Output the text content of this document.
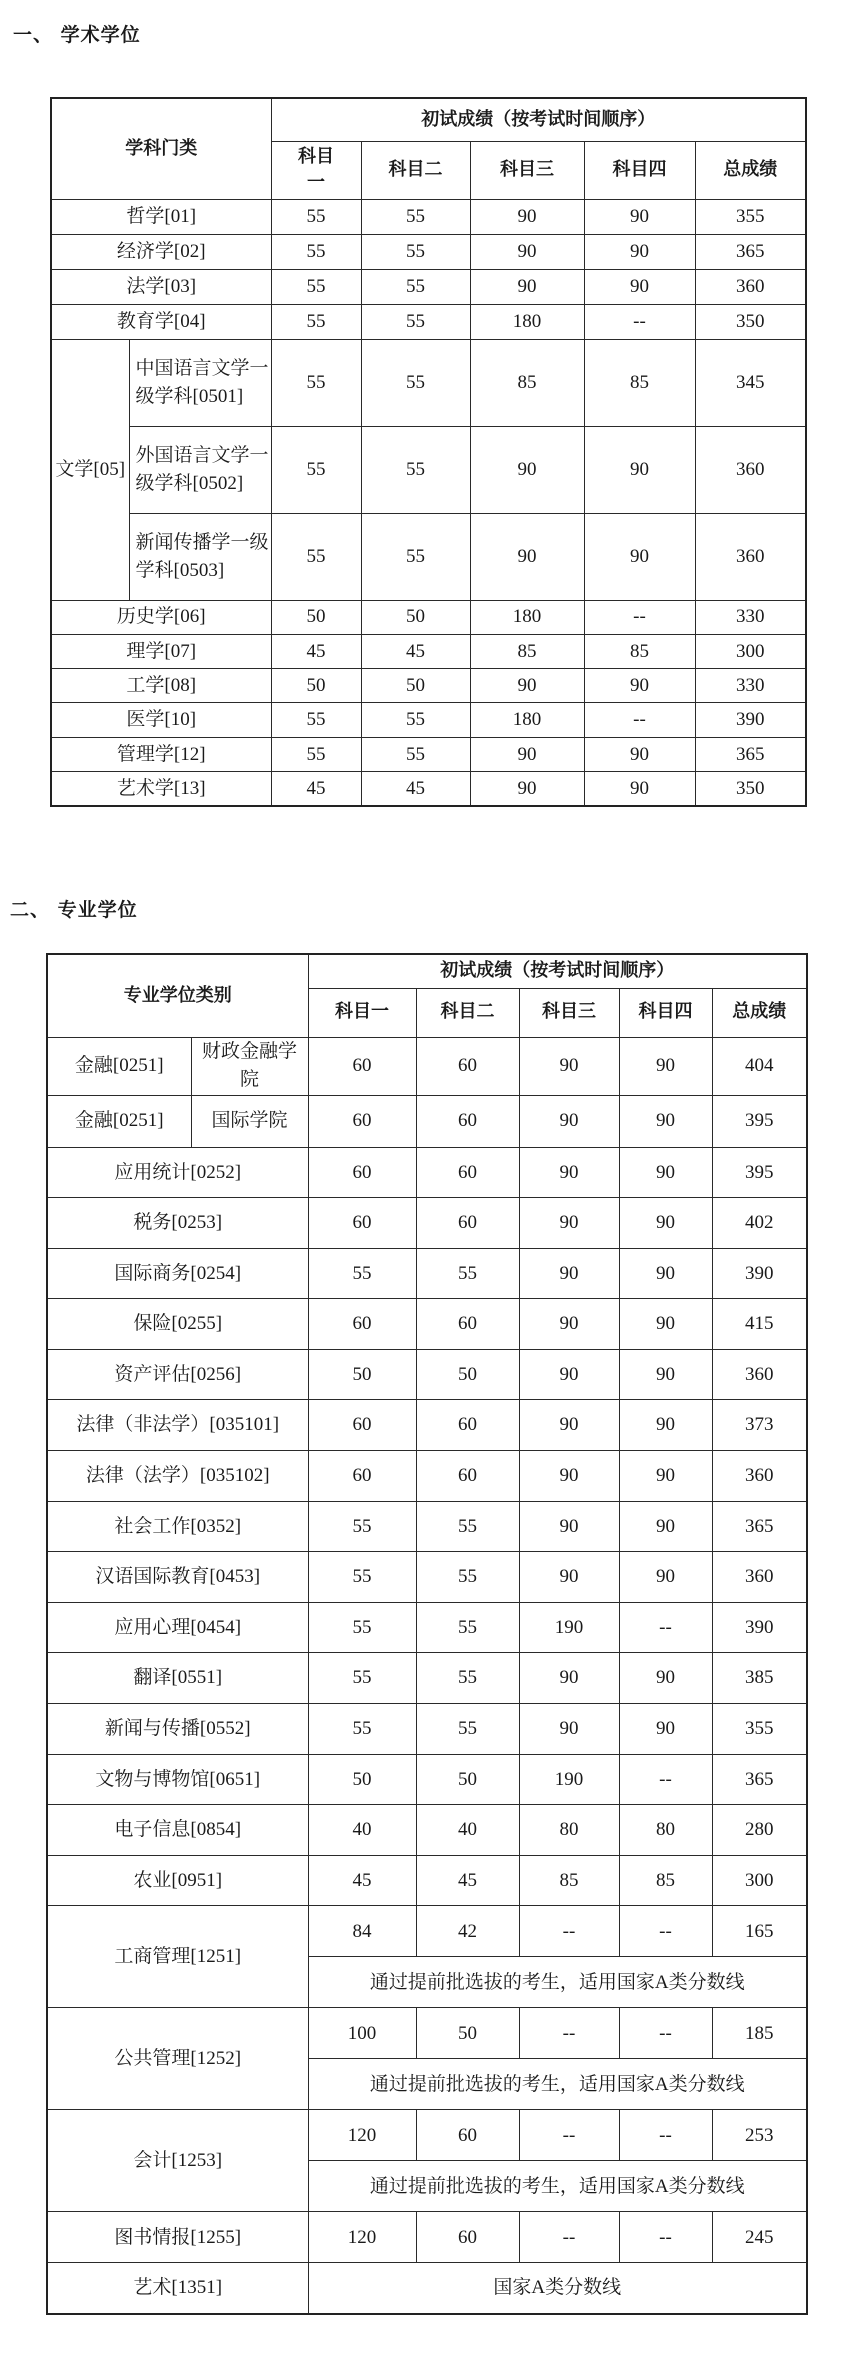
一、 学术学位
学科门类		初试成绩（按考试时间顺序）				
		科目一	科目二	科目三	科目四	总成绩
哲学[01]		55	55	90	90	355
经济学[02]		55	55	90	90	365
法学[03]		55	55	90	90	360
教育学[04]		55	55	180	--	350
文学[05]	中国语言文学一级学科[0501]	55	55	85	85	345
	外国语言文学一级学科[0502]	55	55	90	90	360
	新闻传播学一级学科[0503]	55	55	90	90	360
历史学[06]		50	50	180	--	330
理学[07]		45	45	85	85	300
工学[08]		50	50	90	90	330
医学[10]		55	55	180	--	390
管理学[12]		55	55	90	90	365
艺术学[13]		45	45	90	90	350
二、 专业学位
专业学位类别		初试成绩（按考试时间顺序）				
		科目一	科目二	科目三	科目四	总成绩
金融[0251]	财政金融学院	60	60	90	90	404
金融[0251]	国际学院	60	60	90	90	395
应用统计[0252]		60	60	90	90	395
税务[0253]		60	60	90	90	402
国际商务[0254]		55	55	90	90	390
保险[0255]		60	60	90	90	415
资产评估[0256]		50	50	90	90	360
法律（非法学）[035101]		60	60	90	90	373
法律（法学）[035102]		60	60	90	90	360
社会工作[0352]		55	55	90	90	365
汉语国际教育[0453]		55	55	90	90	360
应用心理[0454]		55	55	190	--	390
翻译[0551]		55	55	90	90	385
新闻与传播[0552]		55	55	90	90	355
文物与博物馆[0651]		50	50	190	--	365
电子信息[0854]		40	40	80	80	280
农业[0951]		45	45	85	85	300
工商管理[1251]		84	42	--	--	165
		通过提前批选拔的考生，适用国家A类分数线				
公共管理[1252]		100	50	--	--	185
		通过提前批选拔的考生，适用国家A类分数线				
会计[1253]		120	60	--	--	253
		通过提前批选拔的考生，适用国家A类分数线				
图书情报[1255]		120	60	--	--	245
艺术[1351]		国家A类分数线				
